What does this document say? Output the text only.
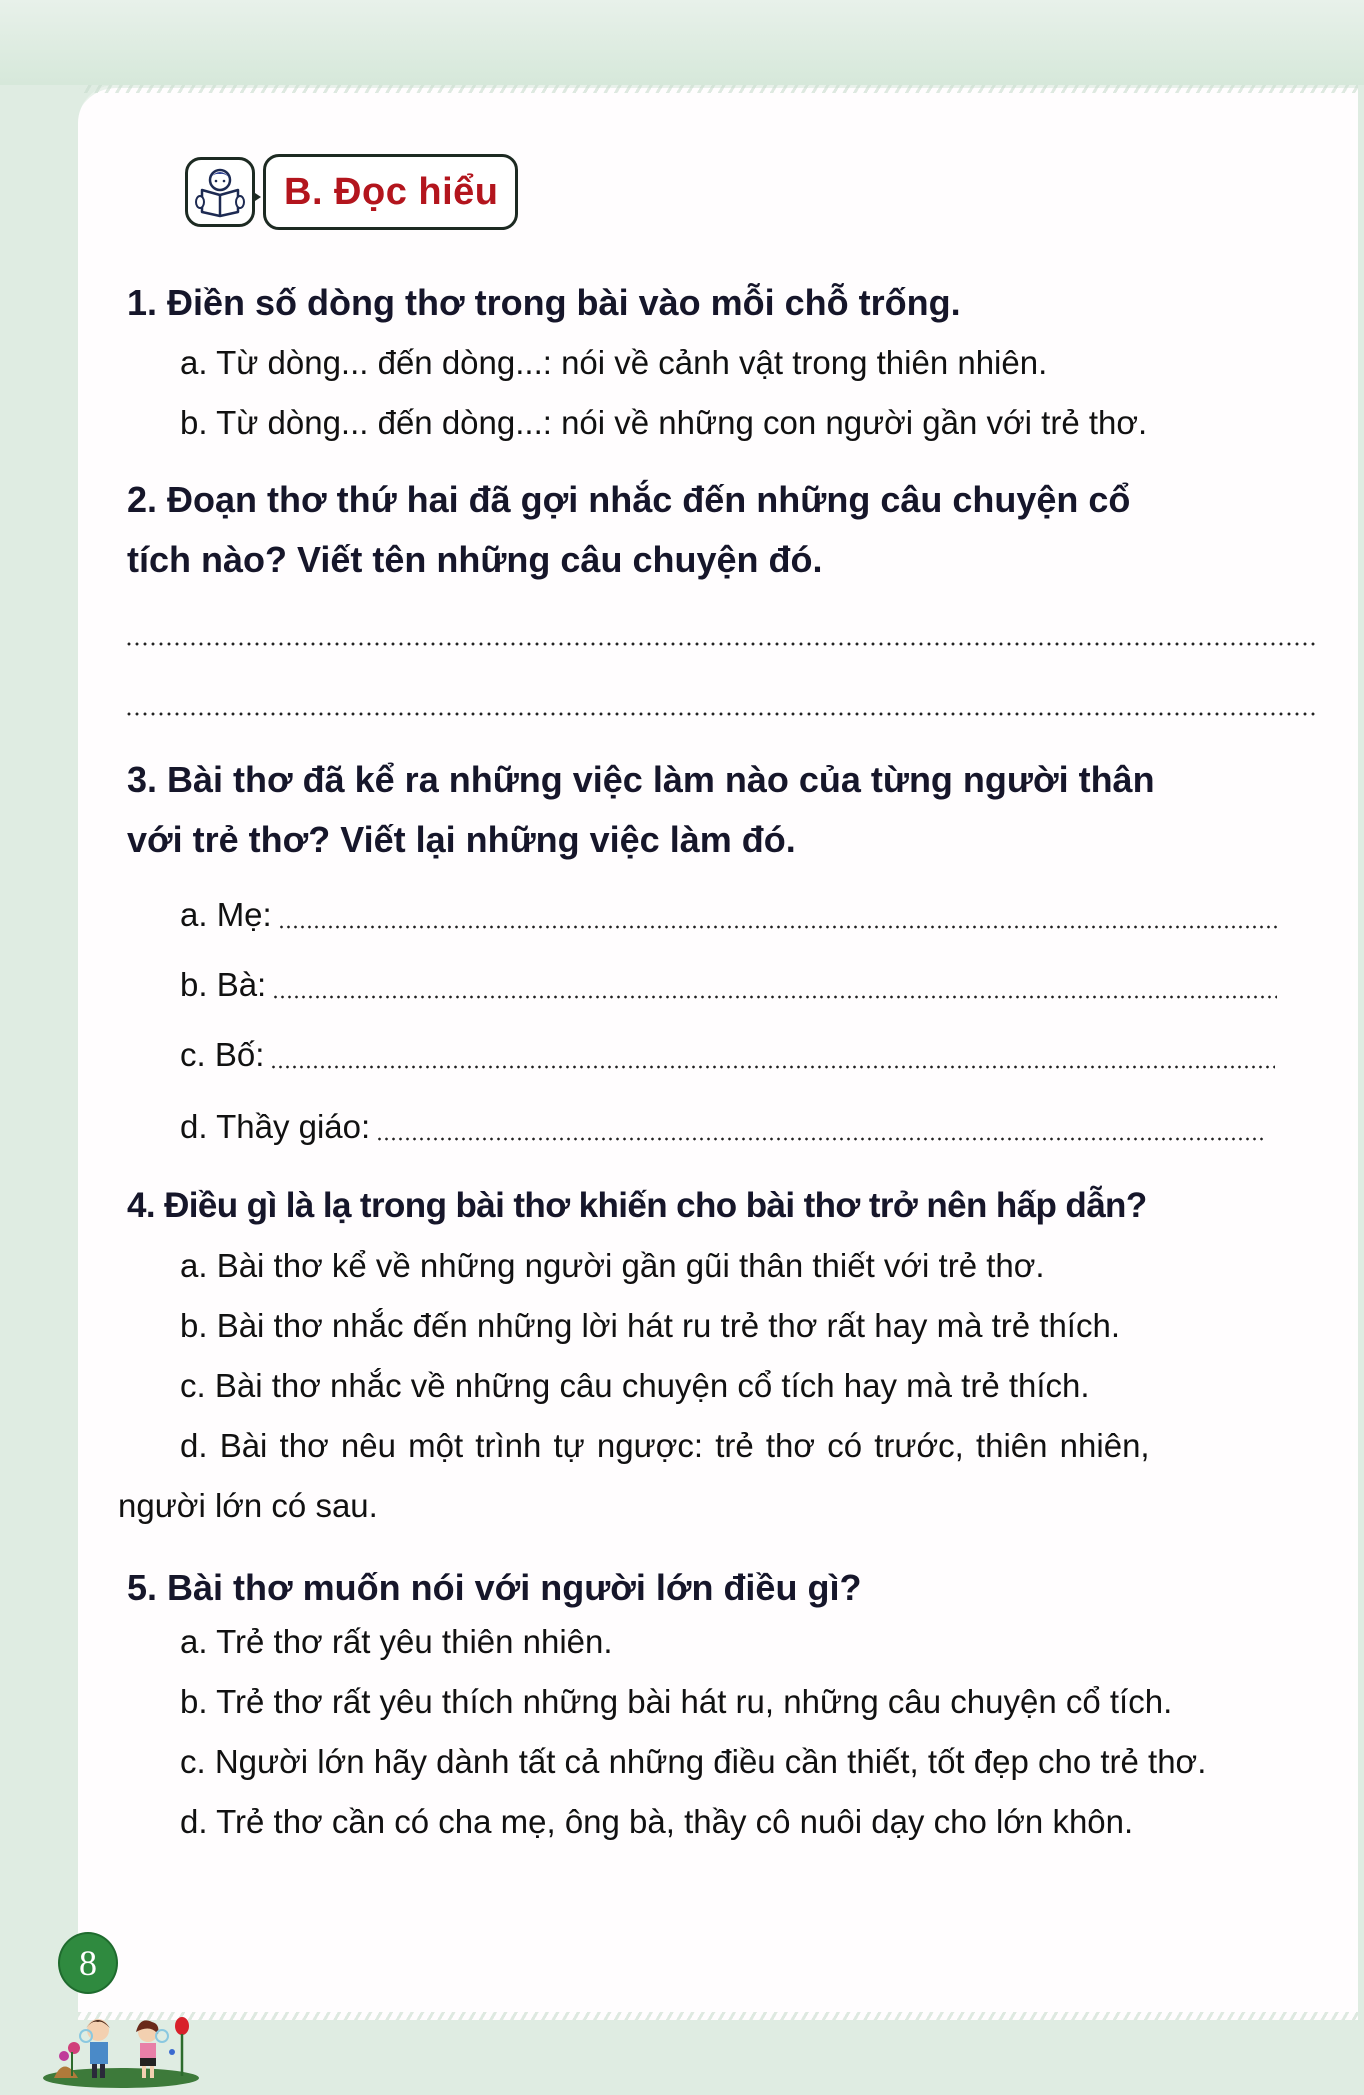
B. Đọc hiểu
1. Điền số dòng thơ trong bài vào mỗi chỗ trống.
a. Từ dòng... đến dòng...: nói về cảnh vật trong thiên nhiên.
b. Từ dòng... đến dòng...: nói về những con người gần với trẻ thơ.
2. Đoạn thơ thứ hai đã gợi nhắc đến những câu chuyện cổ
tích nào? Viết tên những câu chuyện đó.
3. Bài thơ đã kể ra những việc làm nào của từng người thân
với trẻ thơ? Viết lại những việc làm đó.
a. Mẹ:
b. Bà:
c. Bố:
d. Thầy giáo:
4. Điều gì là lạ trong bài thơ khiến cho bài thơ trở nên hấp dẫn?
a. Bài thơ kể về những người gần gũi thân thiết với trẻ thơ.
b. Bài thơ nhắc đến những lời hát ru trẻ thơ rất hay mà trẻ thích.
c. Bài thơ nhắc về những câu chuyện cổ tích hay mà trẻ thích.
d. Bài thơ nêu một trình tự ngược: trẻ thơ có trước, thiên nhiên,
người lớn có sau.
5. Bài thơ muốn nói với người lớn điều gì?
a. Trẻ thơ rất yêu thiên nhiên.
b. Trẻ thơ rất yêu thích những bài hát ru, những câu chuyện cổ tích.
c. Người lớn hãy dành tất cả những điều cần thiết, tốt đẹp cho trẻ thơ.
d. Trẻ thơ cần có cha mẹ, ông bà, thầy cô nuôi dạy cho lớn khôn.
8
